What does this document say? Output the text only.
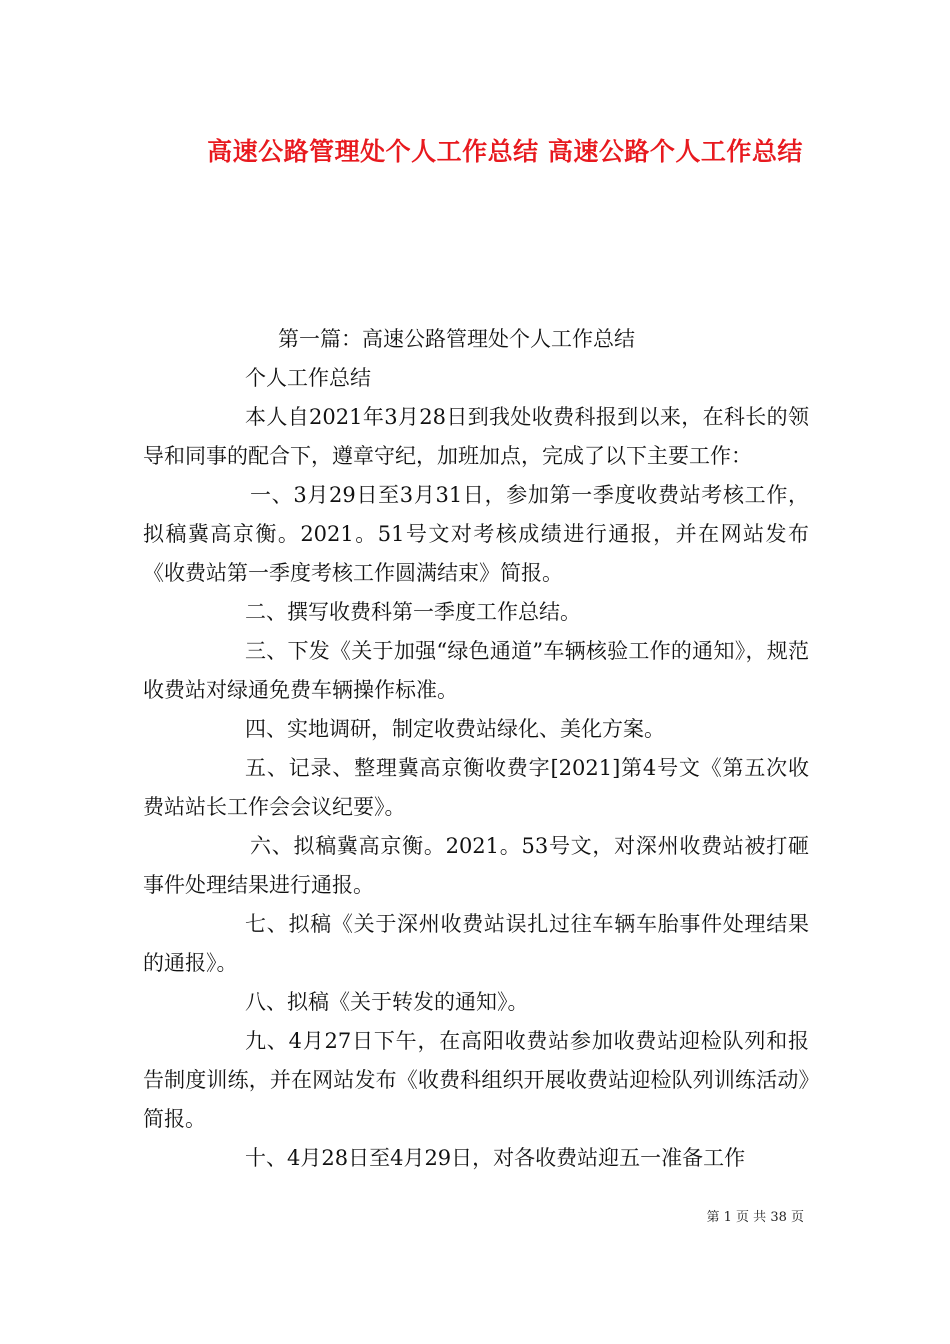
高速公路管理处个人工作总结 高速公路个人工作总结

第一篇：高速公路管理处个人工作总结

个人工作总结

本人自2021年3月28日到我处收费科报到以来，在科长的领导和同事的配合下，遵章守纪，加班加点，完成了以下主要工作：

一、3月29日至3月31日，参加第一季度收费站考核工作，拟稿冀高京衡。2021。51号文对考核成绩进行通报，并在网站发布《收费站第一季度考核工作圆满结束》简报。

二、撰写收费科第一季度工作总结。

三、下发《关于加强“绿色通道”车辆核验工作的通知》，规范收费站对绿通免费车辆操作标准。

四、实地调研，制定收费站绿化、美化方案。

五、记录、整理冀高京衡收费字[2021]第4号文《第五次收费站站长工作会会议纪要》。

六、拟稿冀高京衡。2021。53号文，对深州收费站被打砸事件处理结果进行通报。

七、拟稿《关于深州收费站误扎过往车辆车胎事件处理结果的通报》。

八、拟稿《关于转发的通知》。

九、4月27日下午，在高阳收费站参加收费站迎检队列和报告制度训练，并在网站发布《收费科组织开展收费站迎检队列训练活动》简报。

十、4月28日至4月29日，对各收费站迎五一准备工作

第 1 页 共 38 页
